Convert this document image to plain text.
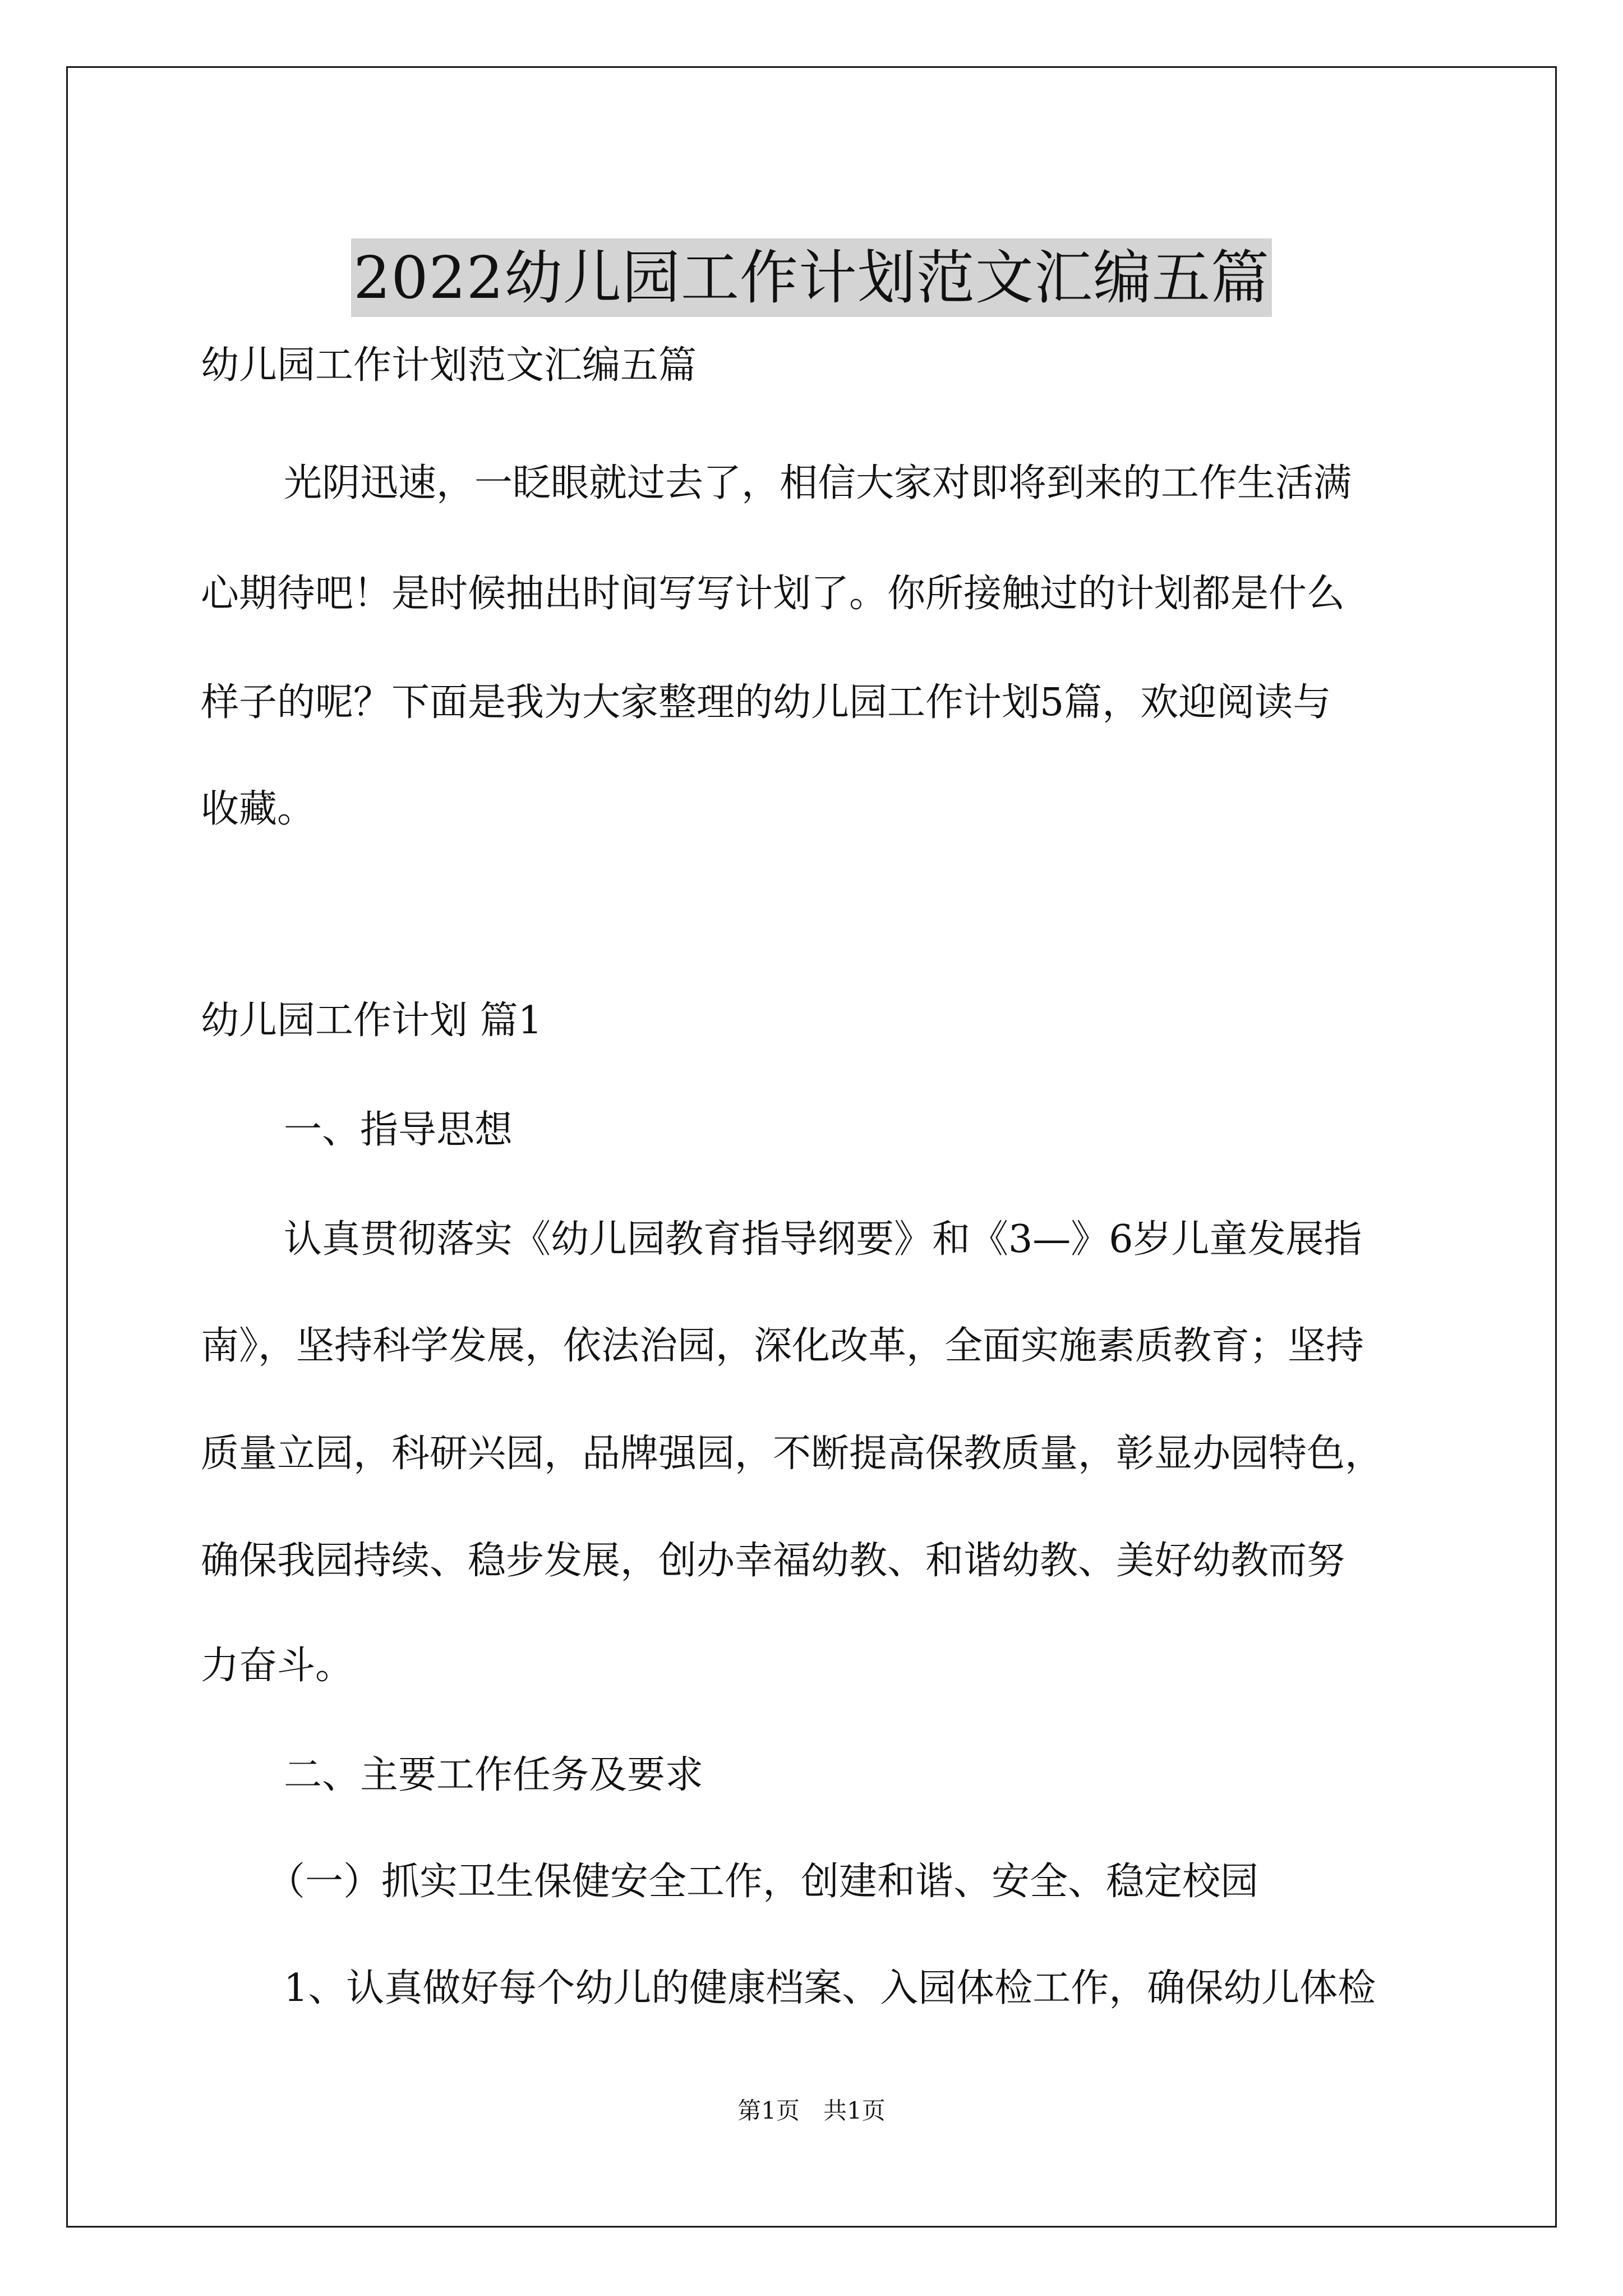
2022幼儿园工作计划范文汇编五篇
幼儿园工作计划范文汇编五篇
光阴迅速，一眨眼就过去了，相信大家对即将到来的工作生活满
心期待吧！是时候抽出时间写写计划了。你所接触过的计划都是什么
样子的呢？下面是我为大家整理的幼儿园工作计划5篇，欢迎阅读与
收藏。
幼儿园工作计划 篇1
一、指导思想
认真贯彻落实《幼儿园教育指导纲要》和《3—》6岁儿童发展指
南》，坚持科学发展，依法治园，深化改革，全面实施素质教育；坚持
质量立园，科研兴园，品牌强园，不断提高保教质量，彰显办园特色，
确保我园持续、稳步发展，创办幸福幼教、和谐幼教、美好幼教而努
力奋斗。
二、主要工作任务及要求
（一）抓实卫生保健安全工作，创建和谐、安全、稳定校园
1、认真做好每个幼儿的健康档案、入园体检工作，确保幼儿体检
第1页　共1页
